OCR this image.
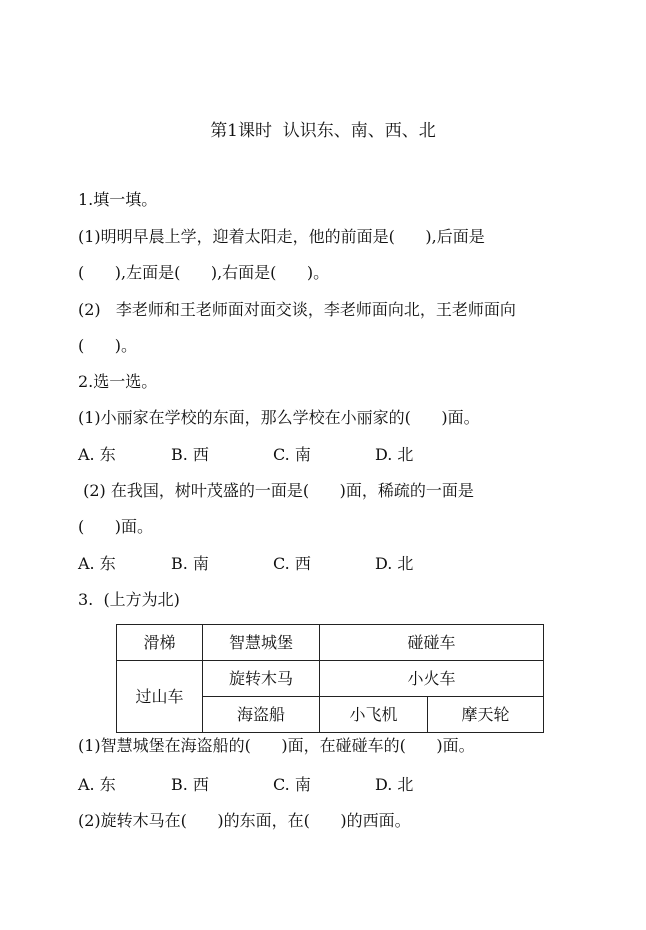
第1课时  认识东、南、西、北
1.填一填。
(1)明明早晨上学，迎着太阳走，他的前面是(      ),后面是
(      ),左面是(      ),右面是(      )。
(2)   李老师和王老师面对面交谈，李老师面向北，王老师面向
(      )。
2.选一选。
(1)小丽家在学校的东面，那么学校在小丽家的(      )面。
A. 东	B. 西	C. 南	D. 北
(2) 在我国，树叶茂盛的一面是(      )面，稀疏的一面是
(      )面。
A. 东	B. 南	C. 西	D. 北
3.  (上方为北)
滑梯	智慧城堡	碰碰车	
过山车	旋转木马	小火车	
	海盗船	小飞机	摩天轮
(1)智慧城堡在海盗船的(      )面，在碰碰车的(      )面。
A. 东	B. 西	C. 南	D. 北
(2)旋转木马在(      )的东面，在(      )的西面。
